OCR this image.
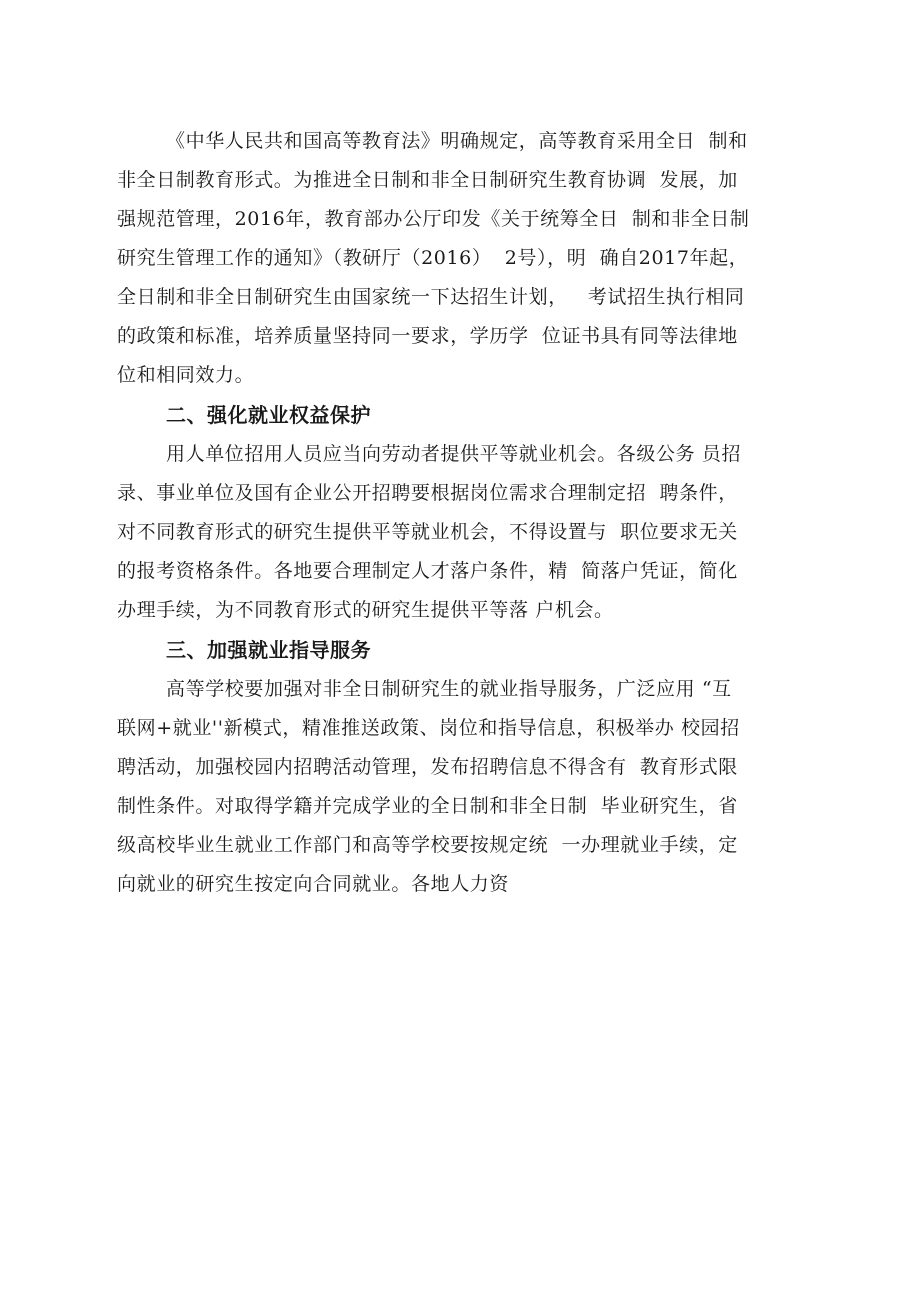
《中华人民共和国高等教育法》明确规定，高等教育采用全日  制和
非全日制教育形式。为推进全日制和非全日制研究生教育协调  发展，加
强规范管理，2016年，教育部办公厅印发《关于统筹全日  制和非全日制
研究生管理工作的通知》（教研厅（2016）  2号），明  确自2017年起，
全日制和非全日制研究生由国家统一下达招生计划，   考试招生执行相同
的政策和标准，培养质量坚持同一要求，学历学  位证书具有同等法律地
位和相同效力。
二、强化就业权益保护
用人单位招用人员应当向劳动者提供平等就业机会。各级公务 员招
录、事业单位及国有企业公开招聘要根据岗位需求合理制定招  聘条件，
对不同教育形式的研究生提供平等就业机会，不得设置与  职位要求无关
的报考资格条件。各地要合理制定人才落户条件，精  简落户凭证，简化
办理手续，为不同教育形式的研究生提供平等落 户机会。
三、加强就业指导服务
高等学校要加强对非全日制研究生的就业指导服务，广泛应用 “互
联网+就业''新模式，精准推送政策、岗位和指导信息，积极举办 校园招
聘活动，加强校园内招聘活动管理，发布招聘信息不得含有  教育形式限
制性条件。对取得学籍并完成学业的全日制和非全日制  毕业研究生，省
级高校毕业生就业工作部门和高等学校要按规定统  一办理就业手续，定
向就业的研究生按定向合同就业。各地人力资
